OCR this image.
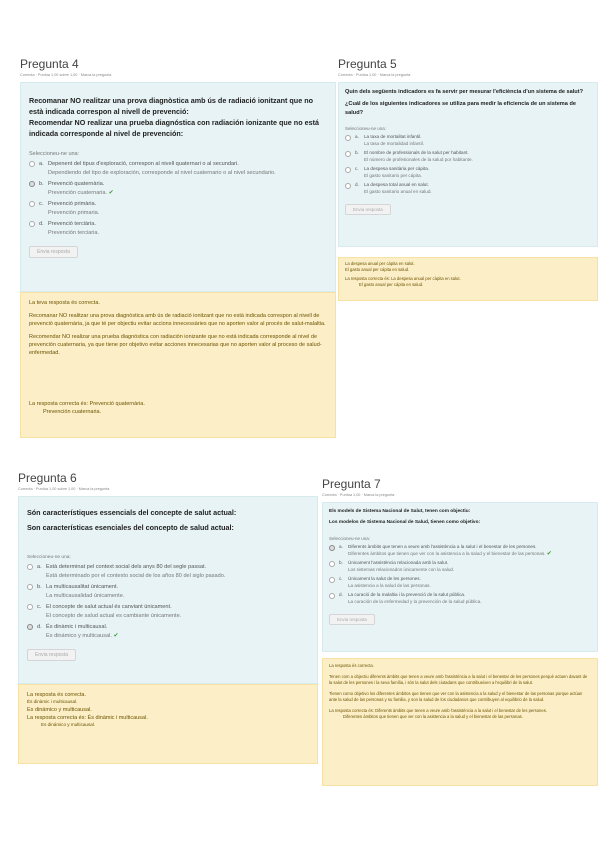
Pregunta 4
Correcta · Puntúa 1,00 sobre 1,00 · Marca la pregunta
Recomanar NO realitzar una prova diagnòstica amb ús de radiació ionitzant que no està indicada correspon al nivell de prevenció:
Recomendar NO realizar una prueba diagnóstica con radiación ionizante que no está indicada corresponde al nivel de prevención:
Seleccioneu-ne una:
a. Depenent del tipus d'exploració, correspon al nivell quaternari o al secundari.
Dependiendo del tipo de exploración, corresponde al nivel cuaternario o al nivel secundario.
b. Prevenció quaternària.
Prevención cuaternaria. ✔
c. Prevenció primària.
Prevención primaria.
d. Prevenció terciària.
Prevención terciaria.
Envia resposta

La teva resposta és correcta.

Recomanar NO realitzar una prova diagnòstica amb ús de radiació ionitzant que no està indicada correspon al nivell de prevenció quaternària, ja que té per objectiu evitar accions innecessàries que no aporten valor al procés de salut-malaltia.

Recomendar NO realizar una prueba diagnóstica con radiación ionizante que no está indicada corresponde al nivel de prevención cuaternaria, ya que tiene por objetivo evitar acciones innecesarias que no aporten valor al proceso de salud-enfermedad.

La resposta correcta és: Prevenció quaternària.
Prevención cuaternaria.
Pregunta 5
Correcta · Puntúa 1,00 · Marca la pregunta
Quin dels següents indicadors es fa servir per mesurar l'eficiència d'un sistema de salut?
¿Cuál de los siguientes indicadores se utiliza para medir la eficiencia de un sistema de salud?
Seleccioneu-ne una:
a.	La taxa de mortalitat infantil.
La tasa de mortalidad infantil.
b.	El nombre de professionals de la salut per habitant.
El número de profesionales de la salud por habitante.
c.	La despesa sanitària per càpita.
El gasto sanitario per cápita.
d.	La despesa total anual en salut.
El gasto sanitario anual en salud.
Envia resposta
La despesa anual per càpita en salut.
El gasto anual per cápita en salud.
La resposta correcta és: La despesa anual per càpita en salut.
El gasto anual per cápita en salud.
Pregunta 6
Correcta · Puntúa 1,00 sobre 1,00 · Marca la pregunta
Són característiques essencials del concepte de salut actual:
Son características esenciales del concepto de salud actual:
Seleccioneu-ne una:
a. Està determinat pel context social dels anys 80 del segle passat.
Está determinado por el contexto social de los años 80 del siglo pasado.
b. La multicausalitat únicament.
La multicausalidad únicamente.
c. El concepte de salut actual és canviant únicament.
El concepto de salud actual es cambiante únicamente.
d. És dinàmic i multicausal.
Es dinámico y multicausal. ✔
Envia resposta
La resposta és correcta.
És dinàmic i multicausal.
Es dinámico y multicausal.
La resposta correcta és: És dinàmic i multicausal.
Es dinámico y multicausal.
Pregunta 7
Correcta · Puntúa 1,00 · Marca la pregunta
Els models de Sistema Nacional de Salut, tenen com objectiu:
Los modelos de Sistema Nacional de Salud, tienen como objetivo:
Seleccioneu-ne una:
a.	Diferents àmbits que tenen a veure amb l'assistència a la salut i el benestar de les persones.
Diferentes ámbitos que tienen que ver con la asistencia a la salud y el bienestar de las personas. ✔
b.	Únicament l'assistència relacionada amb la salut.
Los sistemas relacionados únicamente con la salud.
c.	Únicament la salut de les persones.
La asistencia a la salud de las personas.
d.	La curació de la malaltia i la prevenció de la salut pública.
La curación de la enfermedad y la prevención de la salud pública.
Envia resposta

La resposta és correcta.

Tenen com a objectiu diferents àmbits que tenen a veure amb l'assistència a la salut i el benestar de les persones perquè actuen davant de la salut de les persones i la seva família, i són la salut dels ciutadans que contribueixen a l'equilibri de la salut.

Tienen como objetivo los diferentes ámbitos que tienen que ver con la asistencia a la salud y el bienestar de las personas porque actúan ante la salud de las personas y su familia, y son la salud de los ciudadanos que contribuyen al equilibrio de la salud.

La resposta correcta és: Diferents àmbits que tenen a veure amb l'assistència a la salut i el benestar de les persones.
Diferentes ámbitos que tienen que ver con la asistencia a la salud y el bienestar de las personas.
